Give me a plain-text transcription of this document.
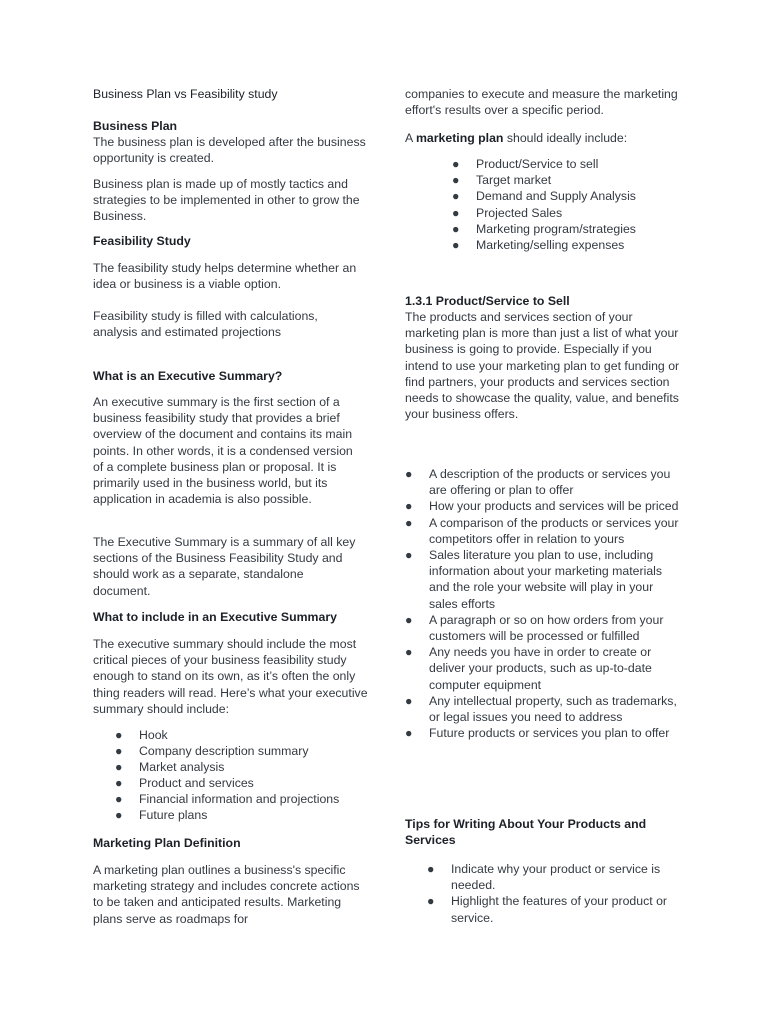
Business Plan vs Feasibility study
Business Plan

The business plan is developed after the business opportunity is created.

Business plan is made up of mostly tactics and strategies to be implemented in other to grow the Business.

Feasibility Study

The feasibility study helps determine whether an idea or business is a viable option.

Feasibility study is filled with calculations, analysis and estimated projections

What is an Executive Summary?

An executive summary is the first section of a business feasibility study that provides a brief overview of the document and contains its main points. In other words, it is a condensed version of a complete business plan or proposal. It is primarily used in the business world, but its application in academia is also possible.

The Executive Summary is a summary of all key sections of the Business Feasibility Study and should work as a separate, standalone document.

What to include in an Executive Summary

The executive summary should include the most critical pieces of your business feasibility study enough to stand on its own, as it’s often the only thing readers will read. Here’s what your executive summary should include:

● Hook
● Company description summary
● Market analysis
● Product and services
● Financial information and projections
● Future plans
Marketing Plan Definition

A marketing plan outlines a business's specific marketing strategy and includes concrete actions to be taken and anticipated results. Marketing plans serve as roadmaps for

companies to execute and measure the marketing effort's results over a specific period.

A marketing plan should ideally include:

● Product/Service to sell
● Target market
● Demand and Supply Analysis
● Projected Sales
● Marketing program/strategies
● Marketing/selling expenses
1.3.1 Product/Service to Sell

The products and services section of your marketing plan is more than just a list of what your business is going to provide. Especially if you intend to use your marketing plan to get funding or find partners, your products and services section needs to showcase the quality, value, and benefits your business offers.

● A description of the products or services you are offering or plan to offer
● How your products and services will be priced
● A comparison of the products or services your competitors offer in relation to yours
● Sales literature you plan to use, including information about your marketing materials and the role your website will play in your sales efforts
● A paragraph or so on how orders from your customers will be processed or fulfilled
● Any needs you have in order to create or deliver your products, such as up-to-date computer equipment
● Any intellectual property, such as trademarks, or legal issues you need to address
● Future products or services you plan to offer
Tips for Writing About Your Products and Services
● Indicate why your product or service is needed.
● Highlight the features of your product or service.
